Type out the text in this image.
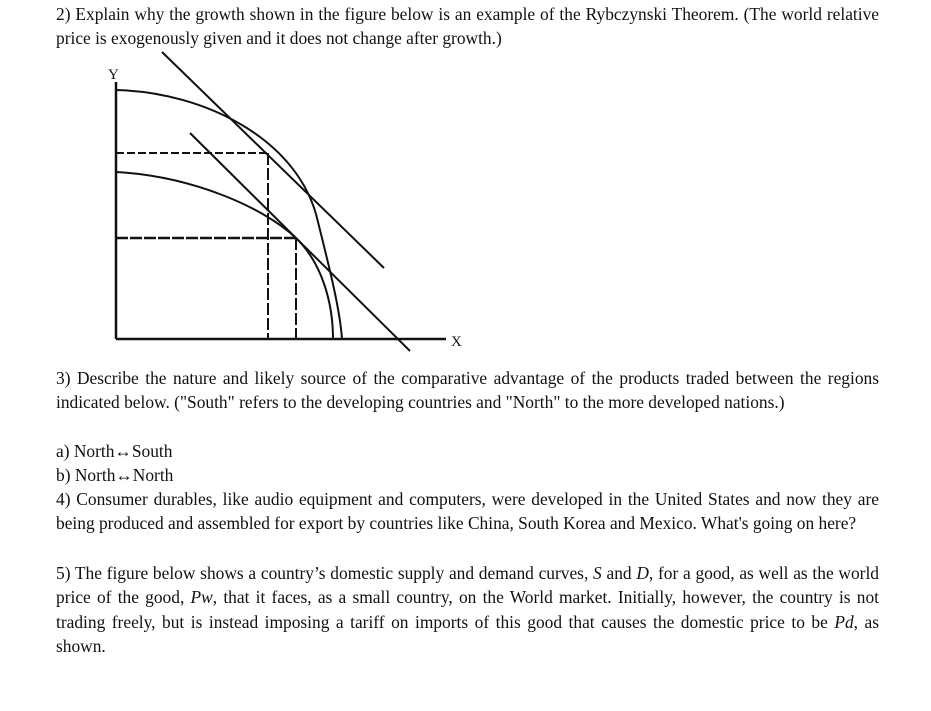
2) Explain why the growth shown in the figure below is an example of the Rybczynski Theorem. (The world relative price is exogenously given and it does not change after growth.)

Y
X

3) Describe the nature and likely source of the comparative advantage of the products traded between the regions indicated below. ("South" refers to the developing countries and "North" to the more developed nations.)

a) North↔South

b) North↔North

4) Consumer durables, like audio equipment and computers, were developed in the United States and now they are being produced and assembled for export by countries like China, South Korea and Mexico. What's going on here?

5) The figure below shows a country’s domestic supply and demand curves, S and D, for a good, as well as the world price of the good, Pw, that it faces, as a small country, on the World market. Initially, however, the country is not trading freely, but is instead imposing a tariff on imports of this good that causes the domestic price to be Pd, as shown.
